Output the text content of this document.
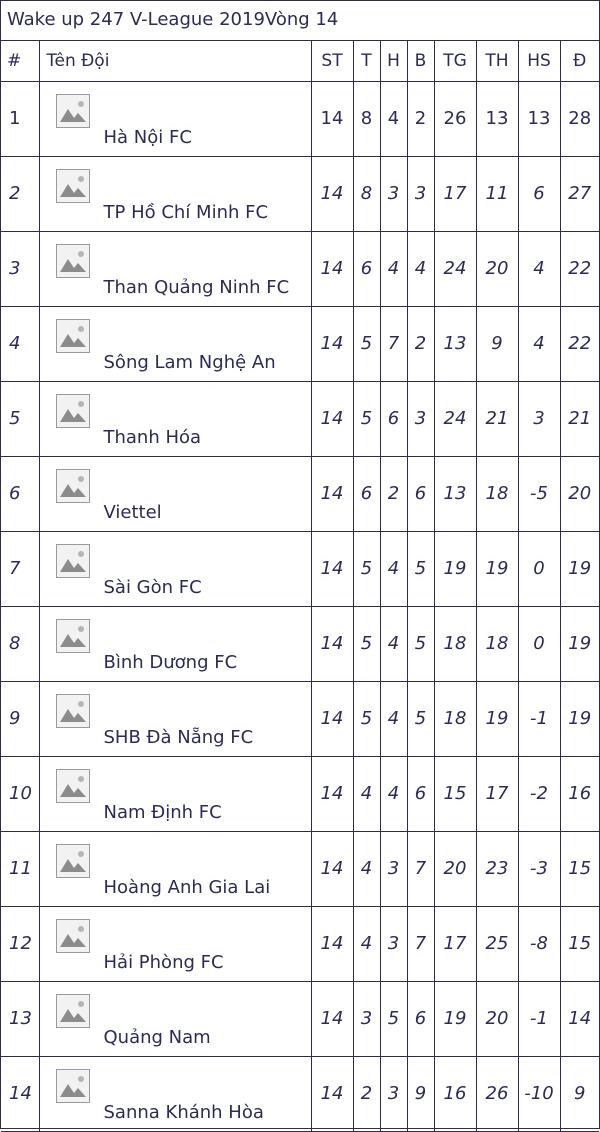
Wake up 247 V-League 2019Vòng 14
#	Tên Đội	ST	T	H	B	TG	TH	HS	Đ
1	Hà Nội FC	14	8	4	2	26	13	13	28
2	TP Hồ Chí Minh FC	14	8	3	3	17	11	6	27
3	Than Quảng Ninh FC	14	6	4	4	24	20	4	22
4	Sông Lam Nghệ An	14	5	7	2	13	9	4	22
5	Thanh Hóa	14	5	6	3	24	21	3	21
6	Viettel	14	6	2	6	13	18	-5	20
7	Sài Gòn FC	14	5	4	5	19	19	0	19
8	Bình Dương FC	14	5	4	5	18	18	0	19
9	SHB Đà Nẵng FC	14	5	4	5	18	19	-1	19
10	Nam Định FC	14	4	4	6	15	17	-2	16
11	Hoàng Anh Gia Lai	14	4	3	7	20	23	-3	15
12	Hải Phòng FC	14	4	3	7	17	25	-8	15
13	Quảng Nam	14	3	5	6	19	20	-1	14
14	Sanna Khánh Hòa	14	2	3	9	16	26	-10	9
